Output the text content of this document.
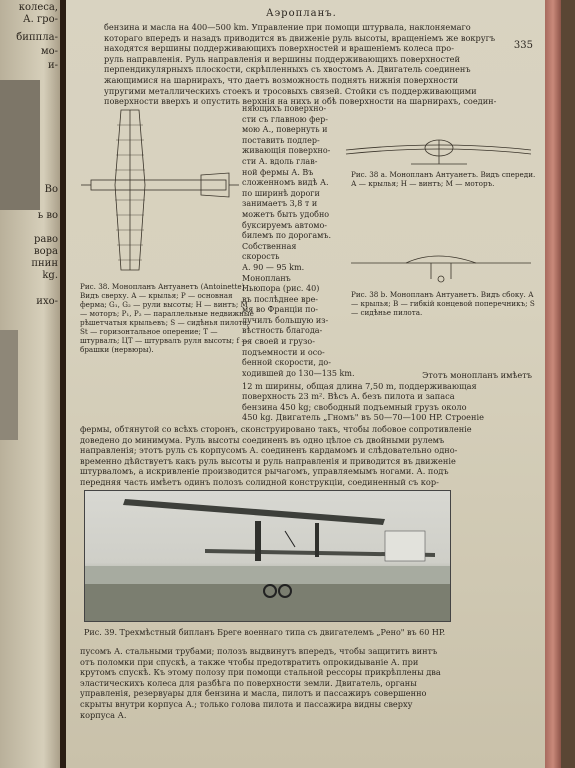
колеса,
А. гро-
биппла-
мо-
и-
Во
ь во
раво
вора
пнин
kg.
ихо-
Аэропланъ.
335

бензина и масла на 400—500 km. Управление при помощи штурвала, наклоняемаго

котораго впередъ и назадъ приводится въ движеніе руль высоты, вращеніемъ же вокругъ

находятся вершины поддерживающихъ поверхностей и врашеніемъ колеса про-

руль направленія. Руль направленія и вершины поддерживающихъ поверхностей

перпендикулярныхъ плоскости, скрѣпленныхъ съ хвостомъ А. Двигатель соединенъ

жающимися на шарнирахъ, что даетъ возможность поднять нижнія поверхности

упругими металлическихъ стоекъ и тросовыхъ связей. Стойки съ поддерживающими

поверхности вверхъ и опустить верхнія на нихъ и обѣ поверхности на шарнирахъ, соедин-

Рис. 38. Монопланъ Антуанетъ (Antoinette). Видъ сверху. А — крылья; Р — основная ферма; G₁, G₂ — рули высоты; Н — винтъ; М — моторъ; P₁, P₂ — параллельные недвижные рѣшетчатыя крыльевъ; S — сидѣнья пилота; St — горизонтальное оперение; T — штурвалъ; ЦТ — штурвалъ руля высоты; f — брашки (нервюры).

няющихъ поверхно-

сти съ главною фер-

мою А., повернуть и

поставить подлер-

живающія поверхно-

сти А. вдоль глав-

ной фермы А. Въ

сложенномъ видѣ А.

по ширинѣ дороги

занимаетъ 3,8 т и

можетъ быть удобно

буксируемъ автомо-

билемъ по дорогамъ.

Собственная скорость

А. 90 — 95 km.

Монопланъ

Ньюпора (рис. 40)

въ послѣднее вре-

мя во Франціи по-

лучилъ большую из-

вѣстность благода-

ря своей и грузо-

подъемности и осо-

бенной скорости, до-

ходившей до 130—135 km.

Рис. 38 a. Монопланъ Антуанетъ. Видъ спереди. А — крылья; Н — винтъ; М — моторъ.
Рис. 38 b. Монопланъ Антуанетъ. Видъ сбоку. А — крылья; В — гибкій концевой поперечникъ; S — сидѣнье пилота.

Этотъ монопланъ имѣетъ

12 m ширины, общая длина 7,50 m, поддерживающая

поверхность 23 m². Вѣсъ А. безъ пилота и запаса

бензина 450 kg; свободный подъемный грузъ около

450 kg. Двигатель „Гномъ" въ 50—70—100 HP. Строеніе

фермы, обтянутой со всѣхъ сторонъ, сконструировано такъ, чтобы лобовое сопротивленіе

доведено до минимума. Руль высоты соединенъ въ одно цѣлое съ двойными рулемъ

направленія; этотъ руль съ корпусомъ А. соединенъ кардамомъ и слѣдовательно одно-

временно дѣйствуетъ какъ руль высоты и руль направленія и приводится въ движеніе

штурваломъ, а искривленіе производится рычагомъ, управляемымъ ногами. А. подъ

передняя часть имѣетъ одинъ полозъ солидной конструкціи, соединенный съ кор-

Рис. 39. Трехмѣстный бипланъ Бреге военнаго типа съ двигателемъ „Рено" въ 60 HP.

пусомъ А. стальными трубами; полозъ выдвинутъ впередъ, чтобы защитить винтъ

отъ поломки при спускѣ, а также чтобы предотвратить опрокидываніе А. при

крутомъ спускѣ. Къ этому полозу при помощи стальной рессоры прикрѣплены два

эластическихъ колеса для разбѣга по поверхности земли. Двигатель, органы

управленія, резервуары для бензина и масла, пилотъ и пассажиръ совершенно

скрыты внутри корпуса А.; только голова пилота и пассажира видны сверху

корпуса А.
